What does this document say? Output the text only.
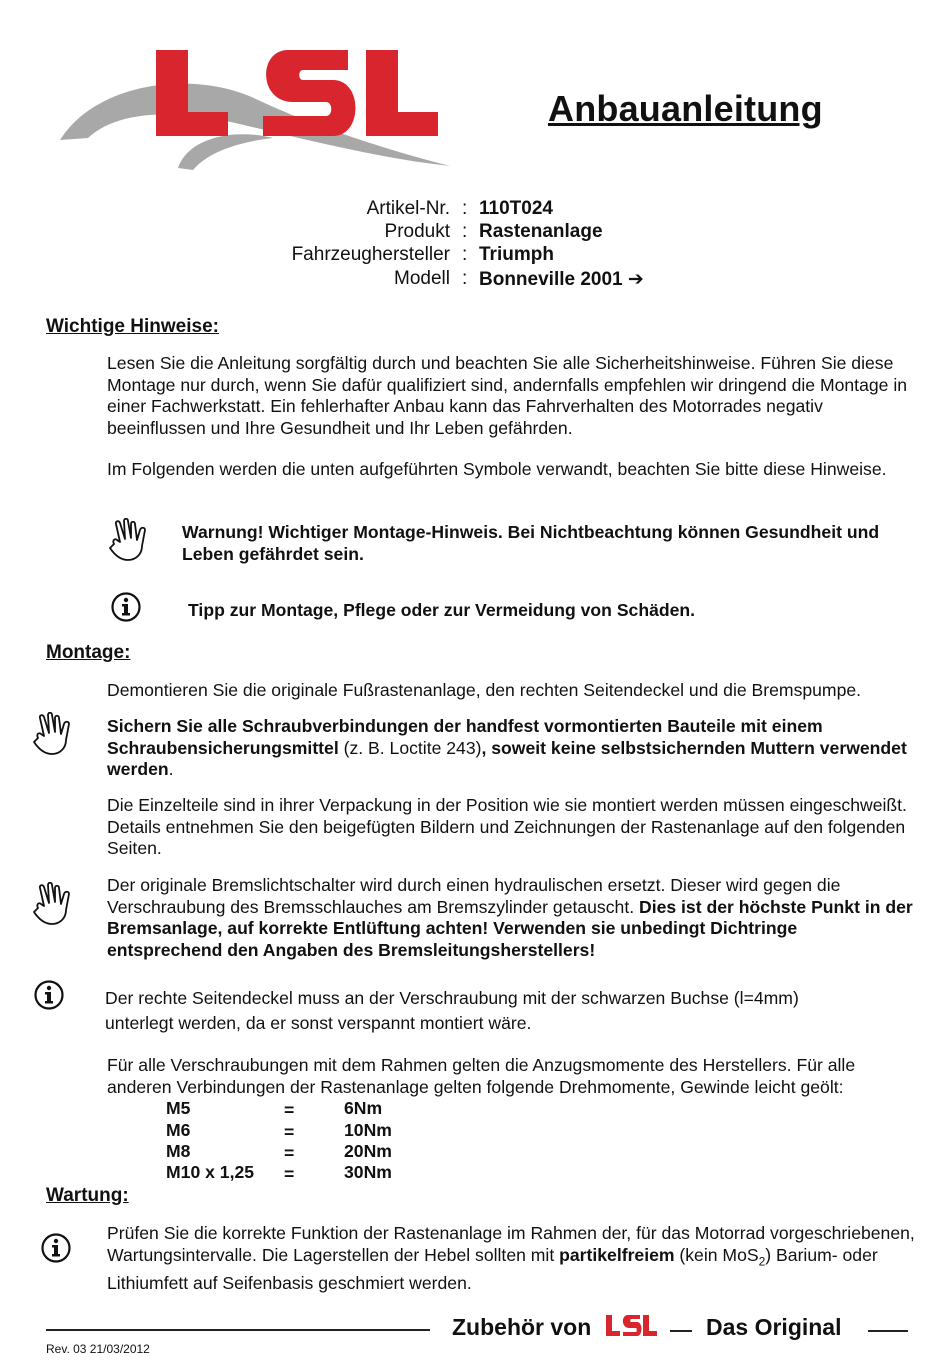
Anbauanleitung
Artikel-Nr. : 110T024
Produkt : Rastenanlage
Fahrzeughersteller : Triumph
Modell : Bonneville 2001 ➔
Wichtige Hinweise:
Lesen Sie die Anleitung sorgfältig durch und beachten Sie alle Sicherheitshinweise. Führen Sie diese Montage nur durch, wenn Sie dafür qualifiziert sind, andernfalls empfehlen wir dringend die Montage in einer Fachwerkstatt. Ein fehlerhafter Anbau kann das Fahrverhalten des Motorrades negativ beeinflussen und Ihre Gesundheit und Ihr Leben gefährden.
Im Folgenden werden die unten aufgeführten Symbole verwandt, beachten Sie bitte diese Hinweise.
Warnung! Wichtiger Montage-Hinweis. Bei Nichtbeachtung können Gesundheit und Leben gefährdet sein.
Tipp zur Montage, Pflege oder zur Vermeidung von Schäden.
Montage:
Demontieren Sie die originale Fußrastenanlage, den rechten Seitendeckel und die Bremspumpe.
Sichern Sie alle Schraubverbindungen der handfest vormontierten Bauteile mit einem Schraubensicherungsmittel (z. B. Loctite 243), soweit keine selbstsichernden Muttern verwendet werden.
Die Einzelteile sind in ihrer Verpackung in der Position wie sie montiert werden müssen eingeschweißt. Details entnehmen Sie den beigefügten Bildern und Zeichnungen der Rastenanlage auf den folgenden Seiten.
Der originale Bremslichtschalter wird durch einen hydraulischen ersetzt. Dieser wird gegen die Verschraubung des Bremsschlauches am Bremszylinder getauscht. Dies ist der höchste Punkt in der Bremsanlage, auf korrekte Entlüftung achten! Verwenden sie unbedingt Dichtringe entsprechend den Angaben des Bremsleitungsherstellers!
Der rechte Seitendeckel muss an der Verschraubung mit der schwarzen Buchse (l=4mm)
unterlegt werden, da er sonst verspannt montiert wäre.
Für alle Verschraubungen mit dem Rahmen gelten die Anzugsmomente des Herstellers. Für alle anderen Verbindungen der Rastenanlage gelten folgende Drehmomente, Gewinde leicht geölt:
M5	=	6Nm
M6	=	10Nm
M8	=	20Nm
M10 x 1,25 =	30Nm
Wartung:
Prüfen Sie die korrekte Funktion der Rastenanlage im Rahmen der, für das Motorrad vorgeschriebenen, Wartungsintervalle. Die Lagerstellen der Hebel sollten mit partikelfreiem (kein MoS$_2$) Barium- oder Lithiumfett auf Seifenbasis geschmiert werden.
Zubehör von	Das Original
Rev. 03 21/03/2012
